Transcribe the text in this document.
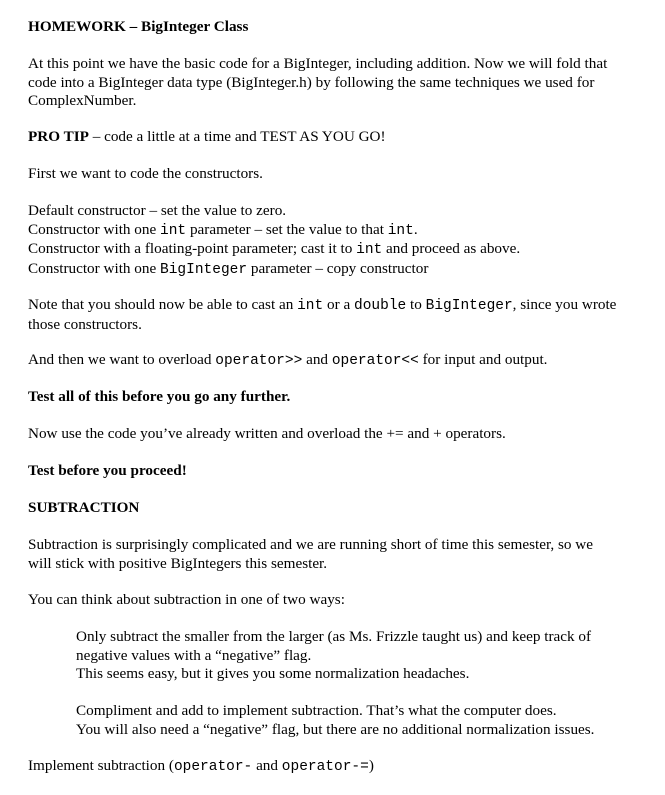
HOMEWORK – BigInteger Class
At this point we have the basic code for a BigInteger, including addition. Now we will fold that
code into a BigInteger data type (BigInteger.h) by following the same techniques we used for
ComplexNumber.
PRO TIP – code a little at a time and TEST AS YOU GO!
First we want to code the constructors.
Default constructor – set the value to zero.
Constructor with one int parameter – set the value to that int.
Constructor with a floating-point parameter; cast it to int and proceed as above.
Constructor with one BigInteger parameter – copy constructor
Note that you should now be able to cast an int or a double to BigInteger, since you wrote
those constructors.
And then we want to overload operator>> and operator<< for input and output.
Test all of this before you go any further.
Now use the code you’ve already written and overload the += and + operators.
Test before you proceed!
SUBTRACTION
Subtraction is surprisingly complicated and we are running short of time this semester, so we
will stick with positive BigIntegers this semester.
You can think about subtraction in one of two ways:
Only subtract the smaller from the larger (as Ms. Frizzle taught us) and keep track of
negative values with a “negative” flag.
This seems easy, but it gives you some normalization headaches.
Compliment and add to implement subtraction. That’s what the computer does.
You will also need a “negative” flag, but there are no additional normalization issues.
Implement subtraction (operator- and operator-=)
